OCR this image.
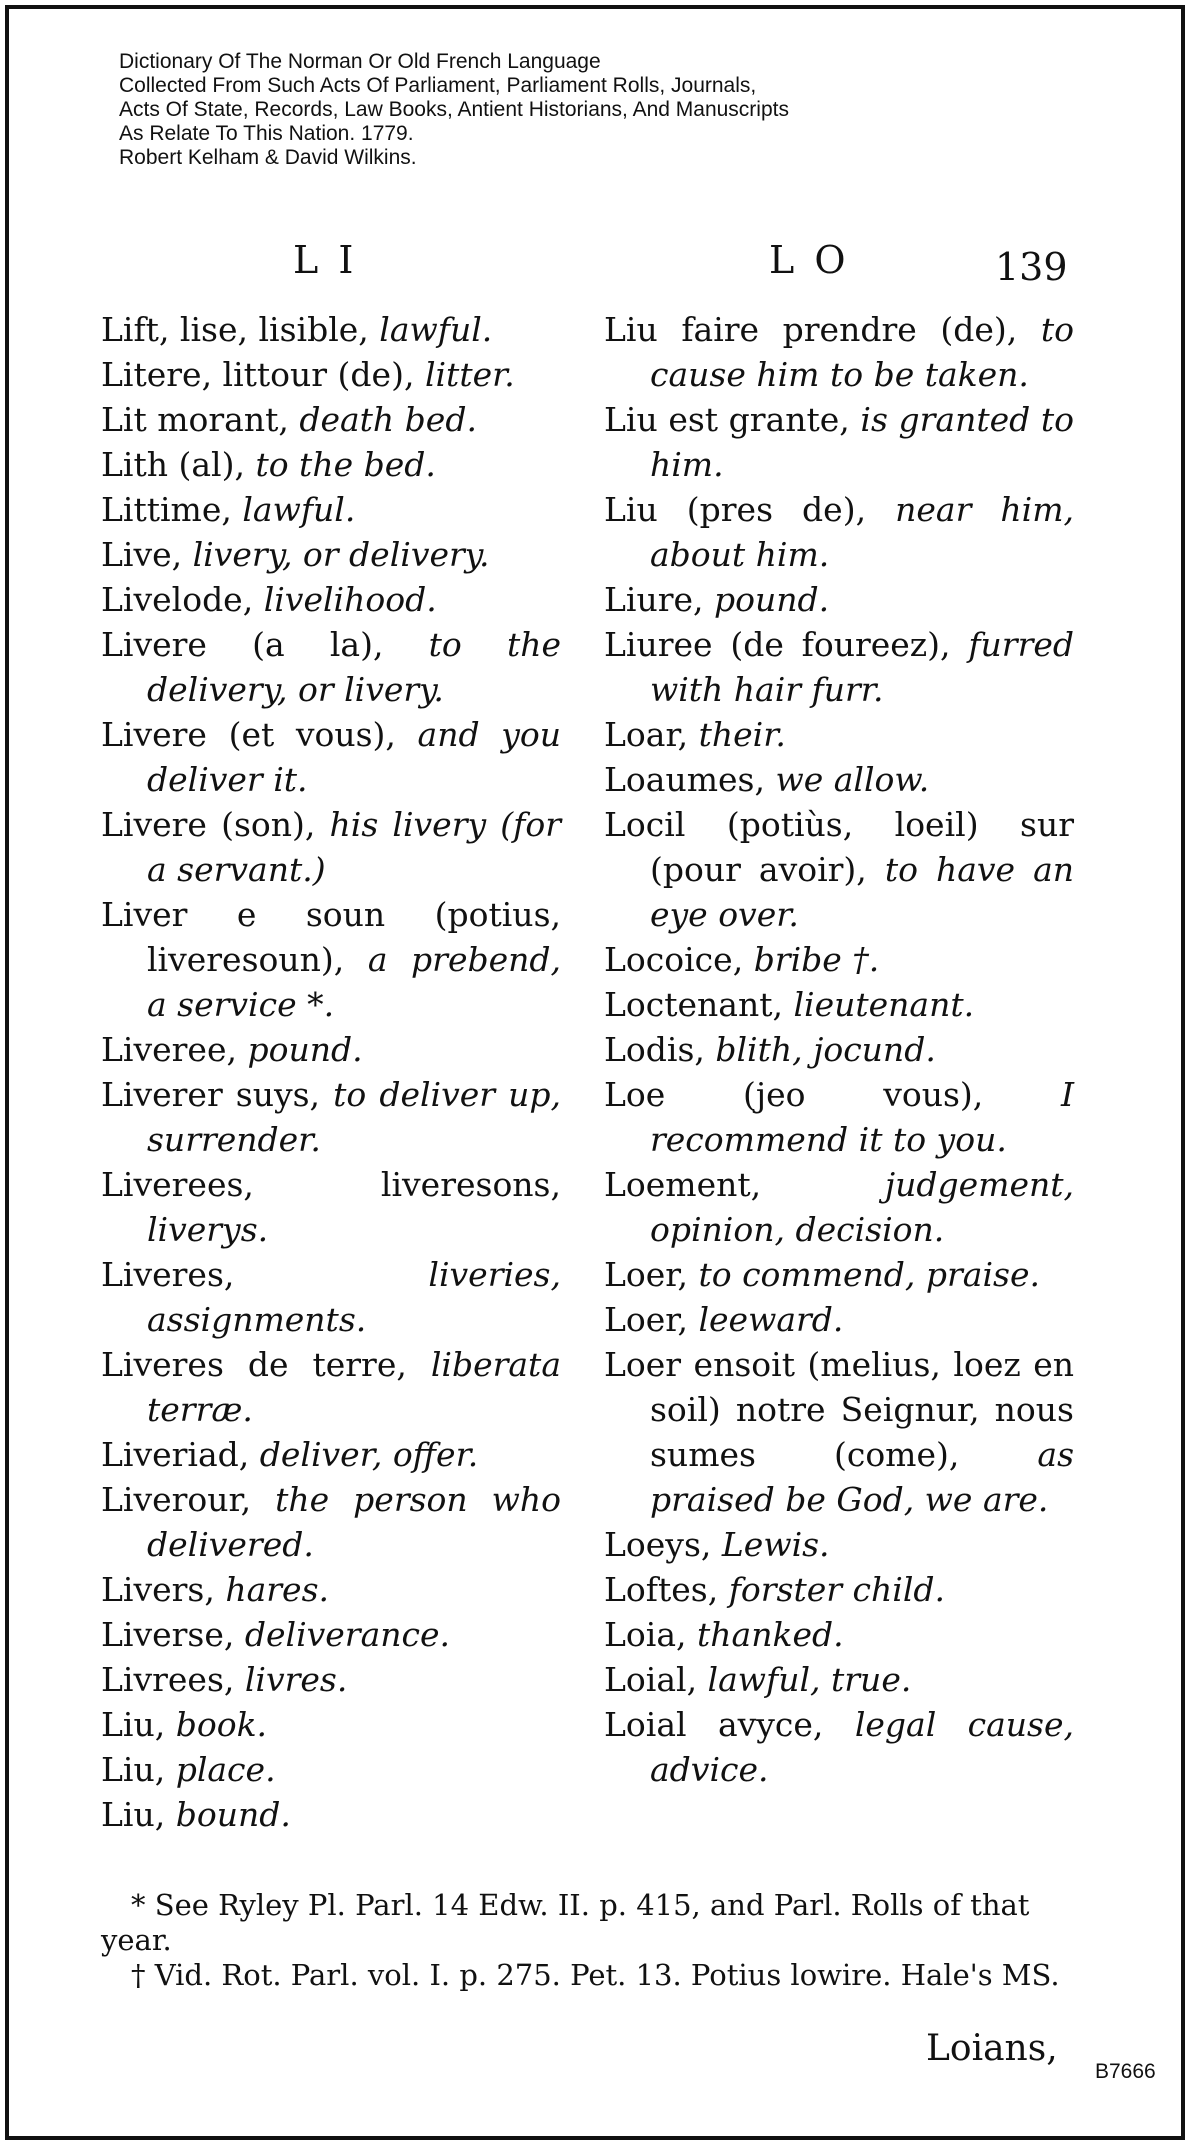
Dictionary Of The Norman Or Old French Language
Collected From Such Acts Of Parliament, Parliament Rolls, Journals,
Acts Of State, Records, Law Books, Antient Historians, And Manuscripts
As Relate To This Nation. 1779.
Robert Kelham & David Wilkins.
L I	L O	139

Lift, lise, lisible, lawful.

Litere, littour (de), litter.

Lit morant, death bed.

Lith (al), to the bed.

Littime, lawful.

Live, livery, or delivery.

Livelode, livelihood.

Livere (a la), to the delivery, or livery.

Livere (et vous), and you deliver it.

Livere (son), his livery (for a servant.)

Liver e soun (potius, liveresoun), a prebend, a service *.

Liveree, pound.

Liverer suys, to deliver up, surrender.

Liverees, liveresons, liverys.

Liveres, liveries, assignments.

Liveres de terre, liberata terræ.

Liveriad, deliver, offer.

Liverour, the person who delivered.

Livers, hares.

Liverse, deliverance.

Livrees, livres.

Liu, book.

Liu, place.

Liu, bound.

Liu faire prendre (de), to cause him to be taken.

Liu est grante, is granted to him.

Liu (pres de), near him, about him.

Liure, pound.

Liuree (de foureez), furred with hair furr.

Loar, their.

Loaumes, we allow.

Locil (potiùs, loeil) sur (pour avoir), to have an eye over.

Locoice, bribe †.

Loctenant, lieutenant.

Lodis, blith, jocund.

Loe (jeo vous), I recommend it to you.

Loement, judgement, opinion, decision.

Loer, to commend, praise.

Loer, leeward.

Loer ensoit (melius, loez en soil) notre Seignur, nous sumes (come), as praised be God, we are.

Loeys, Lewis.

Loftes, forster child.

Loia, thanked.

Loial, lawful, true.

Loial avyce, legal cause, advice.

* See Ryley Pl. Parl. 14 Edw. II. p. 415, and Parl. Rolls of that year.

† Vid. Rot. Parl. vol. I. p. 275. Pet. 13. Potius lowire. Hale's MS.

Loians,
B7666
